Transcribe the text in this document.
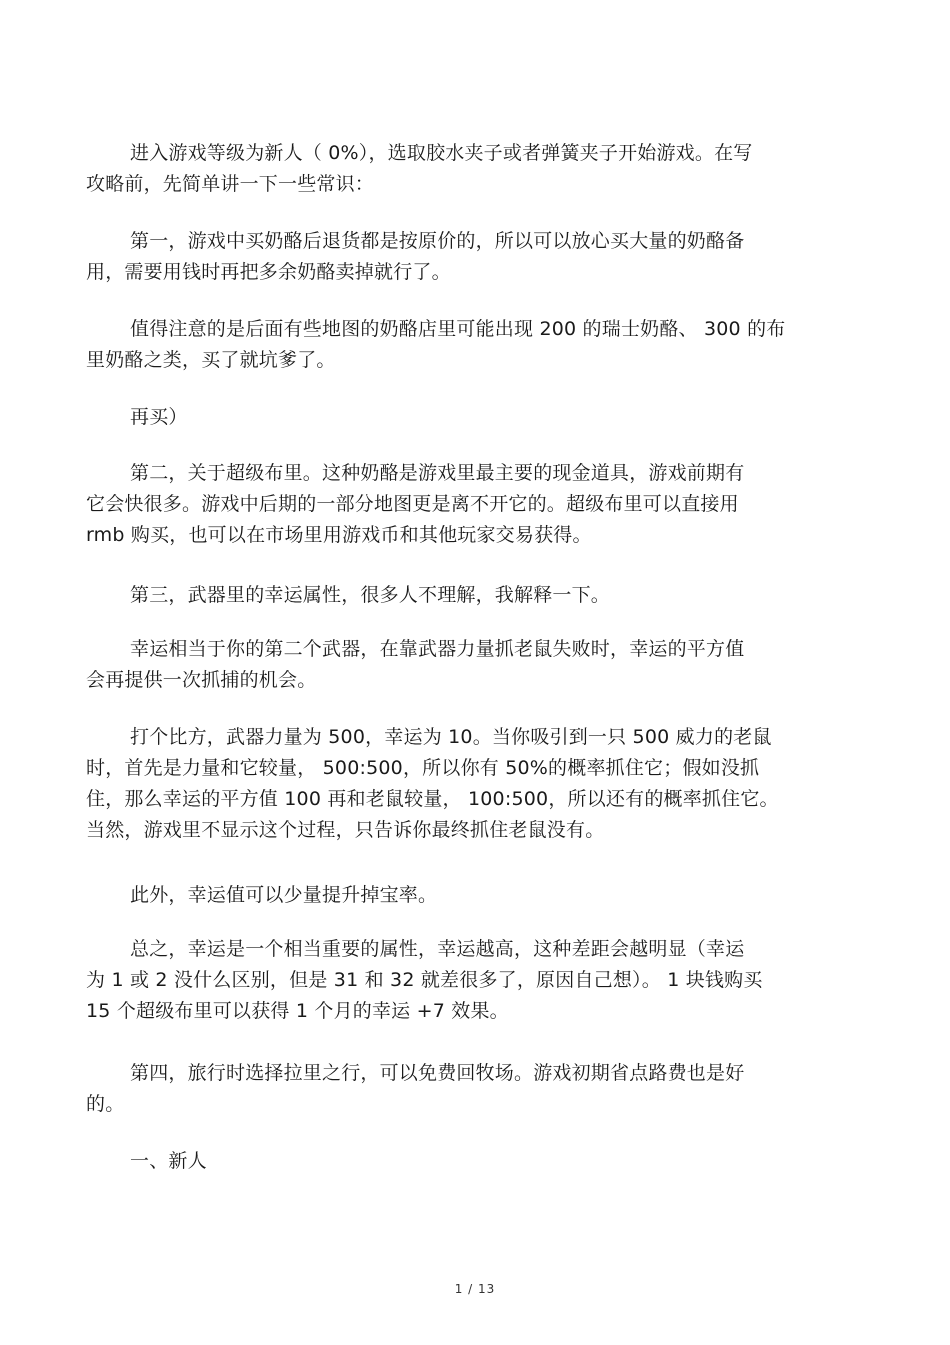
进入游戏等级为新人（ 0%），选取胶水夹子或者弹簧夹子开始游戏。在写
攻略前，先简单讲一下一些常识：

第一，游戏中买奶酪后退货都是按原价的，所以可以放心买大量的奶酪备
用，需要用钱时再把多余奶酪卖掉就行了。

值得注意的是后面有些地图的奶酪店里可能出现 200 的瑞士奶酪、 300 的布
里奶酪之类，买了就坑爹了。

再买）

第二，关于超级布里。这种奶酪是游戏里最主要的现金道具，游戏前期有
它会快很多。游戏中后期的一部分地图更是离不开它的。超级布里可以直接用
rmb 购买，也可以在市场里用游戏币和其他玩家交易获得。

第三，武器里的幸运属性，很多人不理解，我解释一下。

幸运相当于你的第二个武器，在靠武器力量抓老鼠失败时，幸运的平方值
会再提供一次抓捕的机会。

打个比方，武器力量为 500，幸运为 10。当你吸引到一只 500 威力的老鼠
时，首先是力量和它较量， 500:500，所以你有 50%的概率抓住它；假如没抓
住，那么幸运的平方值 100 再和老鼠较量， 100:500，所以还有的概率抓住它。
当然，游戏里不显示这个过程，只告诉你最终抓住老鼠没有。

此外，幸运值可以少量提升掉宝率。

总之，幸运是一个相当重要的属性，幸运越高，这种差距会越明显（幸运
为 1 或 2 没什么区别，但是 31 和 32 就差很多了，原因自己想）。 1 块钱购买
15 个超级布里可以获得 1 个月的幸运 +7 效果。

第四，旅行时选择拉里之行，可以免费回牧场。游戏初期省点路费也是好
的。

一、新人

1 / 13
